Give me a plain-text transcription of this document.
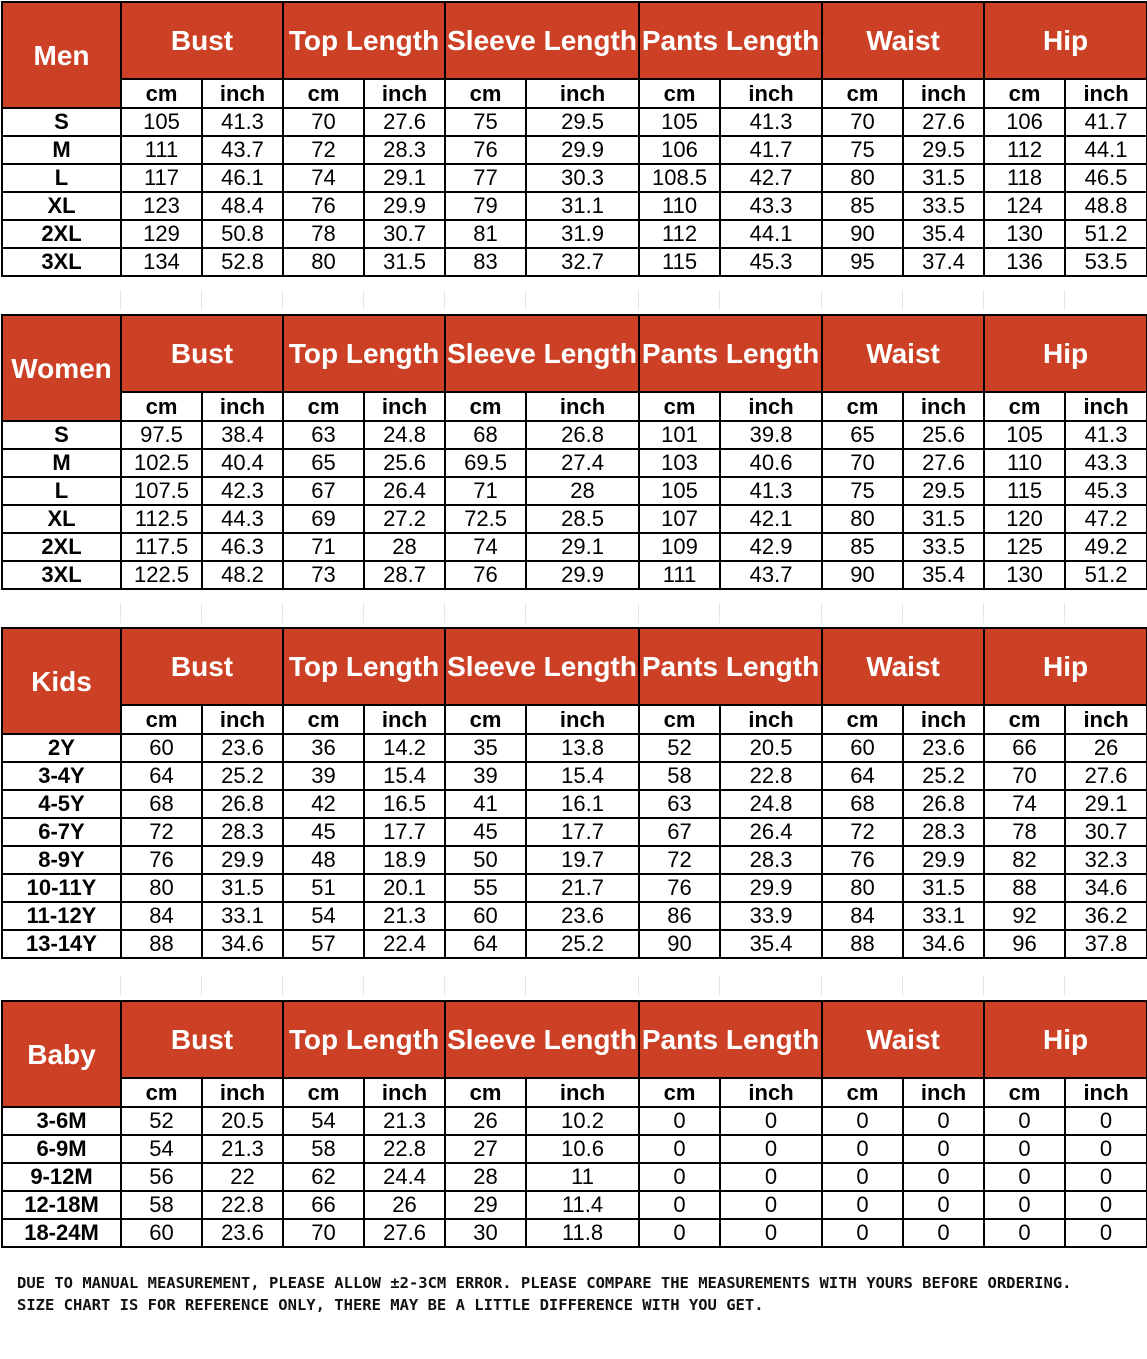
Men	Bust		Top Length		Sleeve Length		Pants Length		Waist		Hip	
	cm	inch	cm	inch	cm	inch	cm	inch	cm	inch	cm	inch
S	105	41.3	70	27.6	75	29.5	105	41.3	70	27.6	106	41.7
M	111	43.7	72	28.3	76	29.9	106	41.7	75	29.5	112	44.1
L	117	46.1	74	29.1	77	30.3	108.5	42.7	80	31.5	118	46.5
XL	123	48.4	76	29.9	79	31.1	110	43.3	85	33.5	124	48.8
2XL	129	50.8	78	30.7	81	31.9	112	44.1	90	35.4	130	51.2
3XL	134	52.8	80	31.5	83	32.7	115	45.3	95	37.4	136	53.5
Women	Bust		Top Length		Sleeve Length		Pants Length		Waist		Hip	
	cm	inch	cm	inch	cm	inch	cm	inch	cm	inch	cm	inch
S	97.5	38.4	63	24.8	68	26.8	101	39.8	65	25.6	105	41.3
M	102.5	40.4	65	25.6	69.5	27.4	103	40.6	70	27.6	110	43.3
L	107.5	42.3	67	26.4	71	28	105	41.3	75	29.5	115	45.3
XL	112.5	44.3	69	27.2	72.5	28.5	107	42.1	80	31.5	120	47.2
2XL	117.5	46.3	71	28	74	29.1	109	42.9	85	33.5	125	49.2
3XL	122.5	48.2	73	28.7	76	29.9	111	43.7	90	35.4	130	51.2
Kids	Bust		Top Length		Sleeve Length		Pants Length		Waist		Hip	
	cm	inch	cm	inch	cm	inch	cm	inch	cm	inch	cm	inch
2Y	60	23.6	36	14.2	35	13.8	52	20.5	60	23.6	66	26
3-4Y	64	25.2	39	15.4	39	15.4	58	22.8	64	25.2	70	27.6
4-5Y	68	26.8	42	16.5	41	16.1	63	24.8	68	26.8	74	29.1
6-7Y	72	28.3	45	17.7	45	17.7	67	26.4	72	28.3	78	30.7
8-9Y	76	29.9	48	18.9	50	19.7	72	28.3	76	29.9	82	32.3
10-11Y	80	31.5	51	20.1	55	21.7	76	29.9	80	31.5	88	34.6
11-12Y	84	33.1	54	21.3	60	23.6	86	33.9	84	33.1	92	36.2
13-14Y	88	34.6	57	22.4	64	25.2	90	35.4	88	34.6	96	37.8
Baby	Bust		Top Length		Sleeve Length		Pants Length		Waist		Hip	
	cm	inch	cm	inch	cm	inch	cm	inch	cm	inch	cm	inch
3-6M	52	20.5	54	21.3	26	10.2	0	0	0	0	0	0
6-9M	54	21.3	58	22.8	27	10.6	0	0	0	0	0	0
9-12M	56	22	62	24.4	28	11	0	0	0	0	0	0
12-18M	58	22.8	66	26	29	11.4	0	0	0	0	0	0
18-24M	60	23.6	70	27.6	30	11.8	0	0	0	0	0	0
DUE TO MANUAL MEASUREMENT, PLEASE ALLOW ±2-3CM ERROR. PLEASE COMPARE THE MEASUREMENTS WITH YOURS BEFORE ORDERING.
SIZE CHART IS FOR REFERENCE ONLY, THERE MAY BE A LITTLE DIFFERENCE WITH YOU GET.
